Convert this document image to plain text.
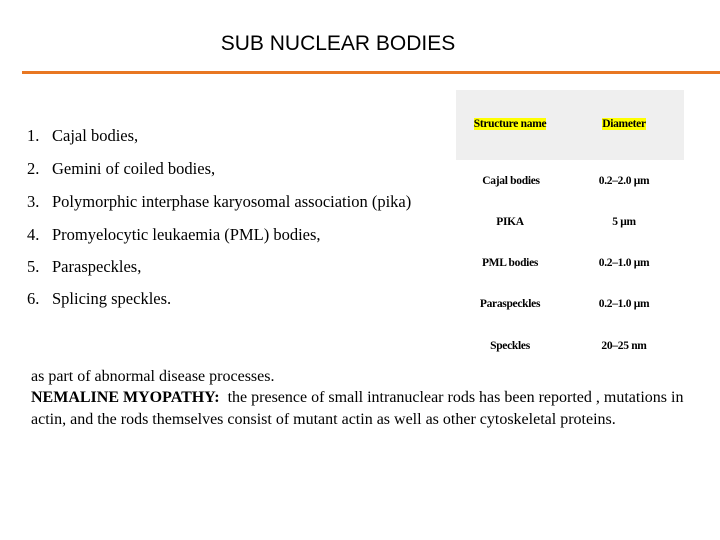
SUB NUCLEAR BODIES
1. Cajal bodies,
2. Gemini of coiled bodies,
3. Polymorphic interphase karyosomal association (pika)
4. Promyelocytic leukaemia (PML) bodies,
5. Paraspeckles,
6. Splicing speckles.
Structure name	Diameter
Cajal bodies	0.2–2.0 μm
PIKA	5 μm
PML bodies	0.2–1.0 μm
Paraspeckles	0.2–1.0 μm
Speckles	20–25 nm
as part of abnormal disease processes.
NEMALINE MYOPATHY:  the presence of small intranuclear rods has been reported , mutations in actin, and the rods themselves consist of mutant actin as well as other cytoskeletal proteins.
